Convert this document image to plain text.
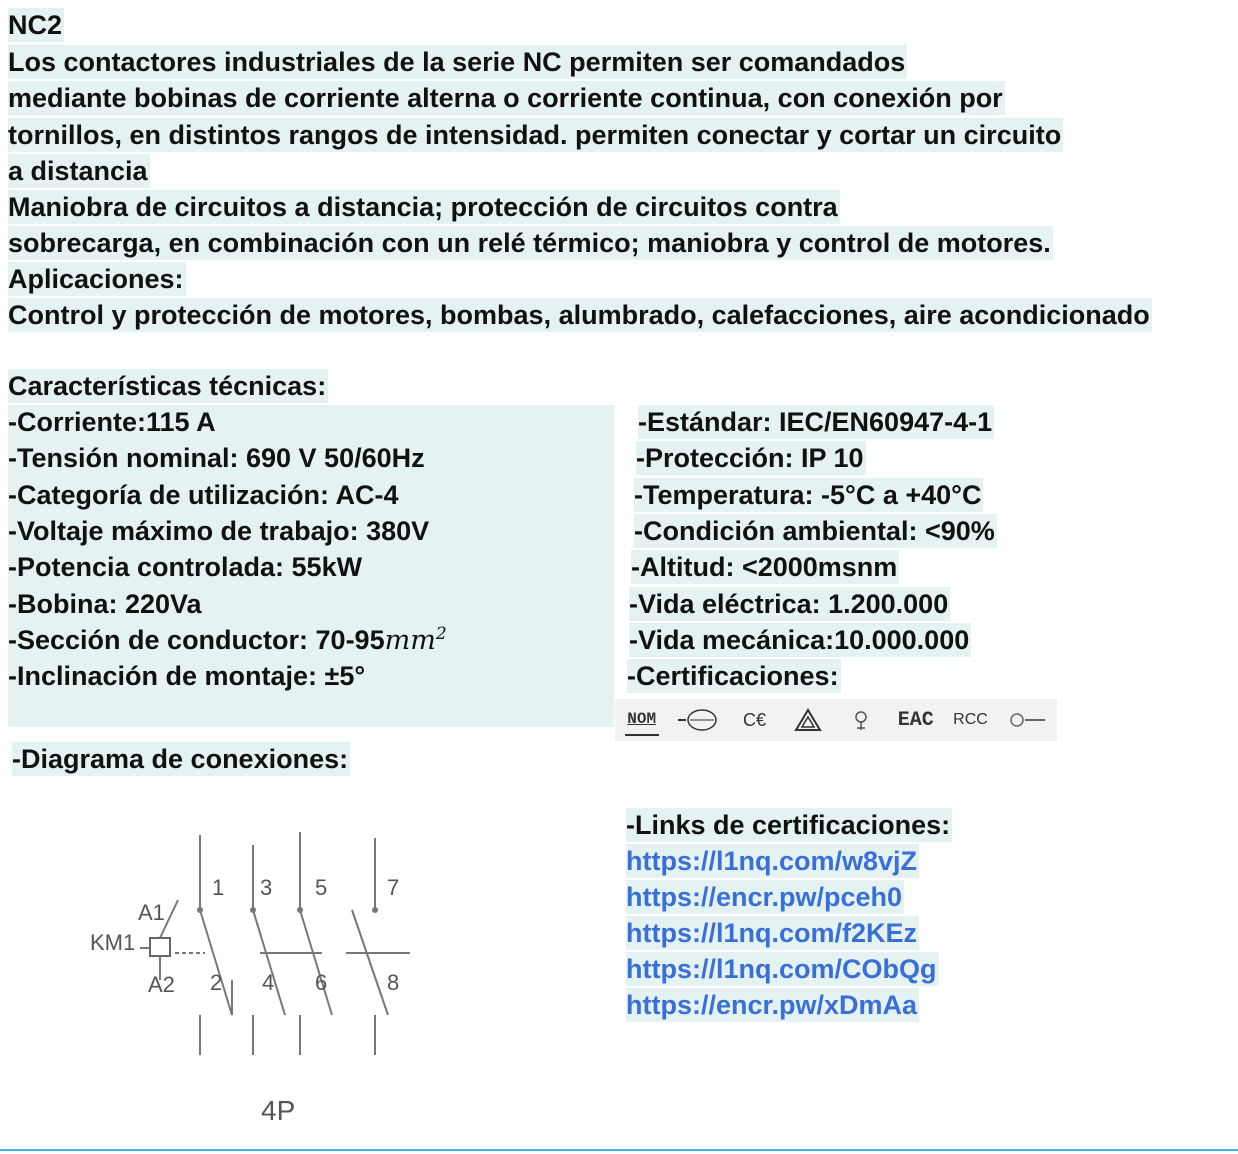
NC2
Los contactores industriales de la serie NC permiten ser comandados
mediante bobinas de corriente alterna o corriente continua, con conexión por
tornillos, en distintos rangos de intensidad. permiten conectar y cortar un circuito
a distancia
Maniobra de circuitos a distancia; protección de circuitos contra
sobrecarga, en combinación con un relé térmico; maniobra y control de motores.
Aplicaciones:
Control y protección de motores, bombas, alumbrado, calefacciones, aire acondicionado
Características técnicas:
-Corriente:115 A
-Tensión nominal: 690 V 50/60Hz
-Categoría de utilización: AC-4
-Voltaje máximo de trabajo: 380V
-Potencia controlada: 55kW
-Bobina: 220Va
-Sección de conductor: $70-95mm^2$
-Inclinación de montaje: ±5°
-Estándar: IEC/EN60947-4-1
-Protección: IP 10
-Temperatura: -5°C a +40°C
-Condición ambiental: <90%
-Altitud: <2000msnm
-Vida eléctrica: 1.200.000
-Vida mecánica:10.000.000
-Certificaciones:
NOM	C€	EAC RCC
-Diagrama de conexiones:
A1
KM1
A2
1
2
3
4
5
6
7
8
4P
-Links de certificaciones:
https://l1nq.com/w8vjZ
https://encr.pw/pceh0
https://l1nq.com/f2KEz
https://l1nq.com/CObQg
https://encr.pw/xDmAa
